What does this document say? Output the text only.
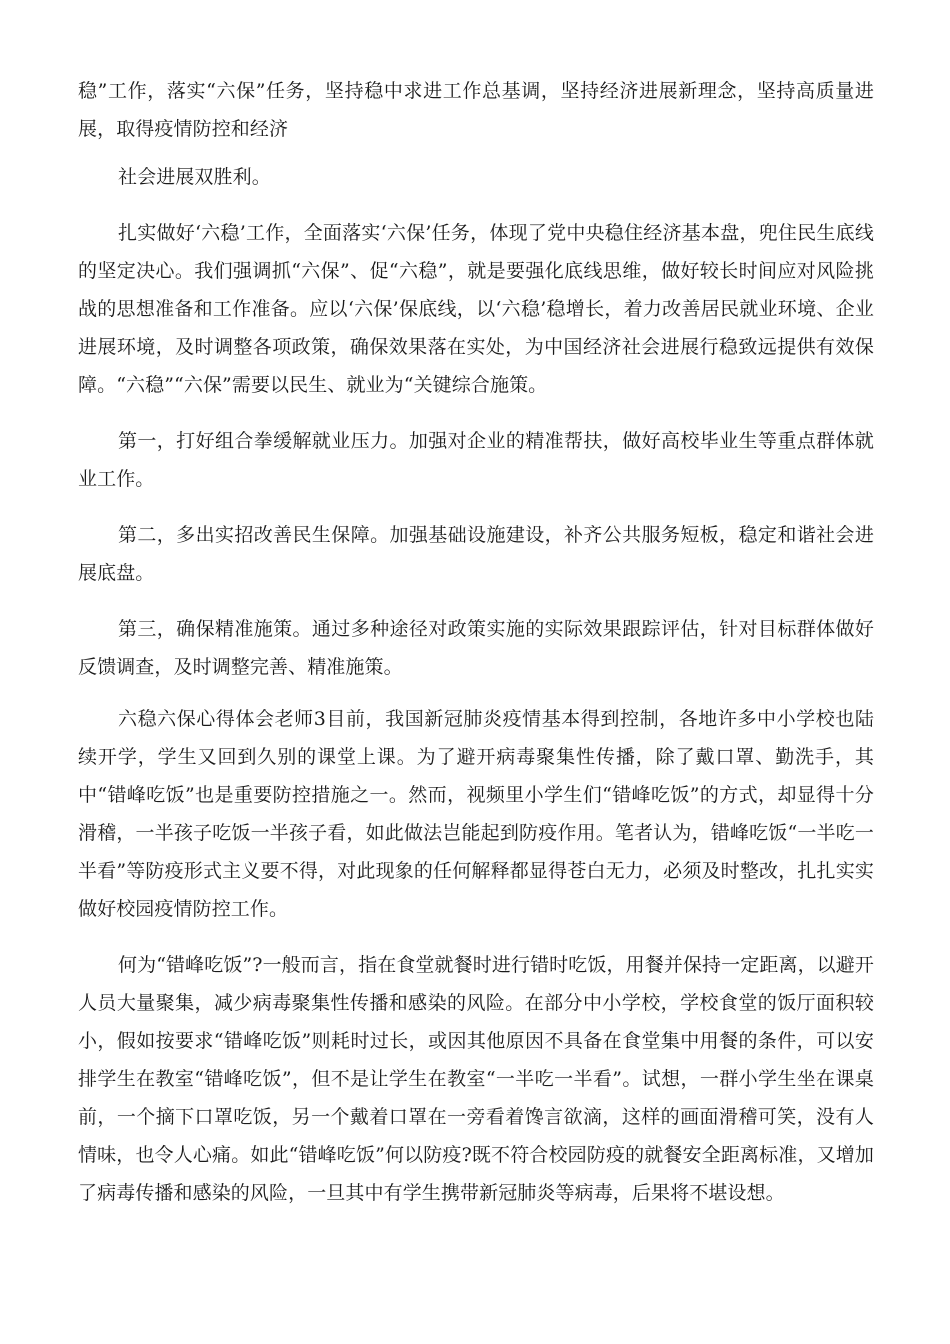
稳”工作，落实“六保”任务，坚持稳中求进工作总基调，坚持经济进展新理念，坚持高质量进展，取得疫情防控和经济

社会进展双胜利。

扎实做好‘六稳’工作，全面落实‘六保’任务，体现了党中央稳住经济基本盘，兜住民生底线的坚定决心。我们强调抓“六保”、促“六稳”，就是要强化底线思维，做好较长时间应对风险挑战的思想准备和工作准备。应以‘六保’保底线，以‘六稳’稳增长，着力改善居民就业环境、企业进展环境，及时调整各项政策，确保效果落在实处，为中国经济社会进展行稳致远提供有效保障。“六稳”“六保”需要以民生、就业为“关键综合施策。

第一，打好组合拳缓解就业压力。加强对企业的精准帮扶，做好高校毕业生等重点群体就业工作。

第二，多出实招改善民生保障。加强基础设施建设，补齐公共服务短板，稳定和谐社会进展底盘。

第三，确保精准施策。通过多种途径对政策实施的实际效果跟踪评估，针对目标群体做好反馈调查，及时调整完善、精准施策。

六稳六保心得体会老师3目前，我国新冠肺炎疫情基本得到控制，各地许多中小学校也陆续开学，学生又回到久别的课堂上课。为了避开病毒聚集性传播，除了戴口罩、勤洗手，其中“错峰吃饭”也是重要防控措施之一。然而，视频里小学生们“错峰吃饭”的方式，却显得十分滑稽，一半孩子吃饭一半孩子看，如此做法岂能起到防疫作用。笔者认为，错峰吃饭“一半吃一半看”等防疫形式主义要不得，对此现象的任何解释都显得苍白无力，必须及时整改，扎扎实实做好校园疫情防控工作。

何为“错峰吃饭”?一般而言，指在食堂就餐时进行错时吃饭，用餐并保持一定距离，以避开人员大量聚集，减少病毒聚集性传播和感染的风险。在部分中小学校，学校食堂的饭厅面积较小，假如按要求“错峰吃饭”则耗时过长，或因其他原因不具备在食堂集中用餐的条件，可以安排学生在教室“错峰吃饭”，但不是让学生在教室“一半吃一半看”。试想，一群小学生坐在课桌前，一个摘下口罩吃饭，另一个戴着口罩在一旁看着馋言欲滴，这样的画面滑稽可笑，没有人情味，也令人心痛。如此“错峰吃饭”何以防疫?既不符合校园防疫的就餐安全距离标准，又增加了病毒传播和感染的风险，一旦其中有学生携带新冠肺炎等病毒，后果将不堪设想。
